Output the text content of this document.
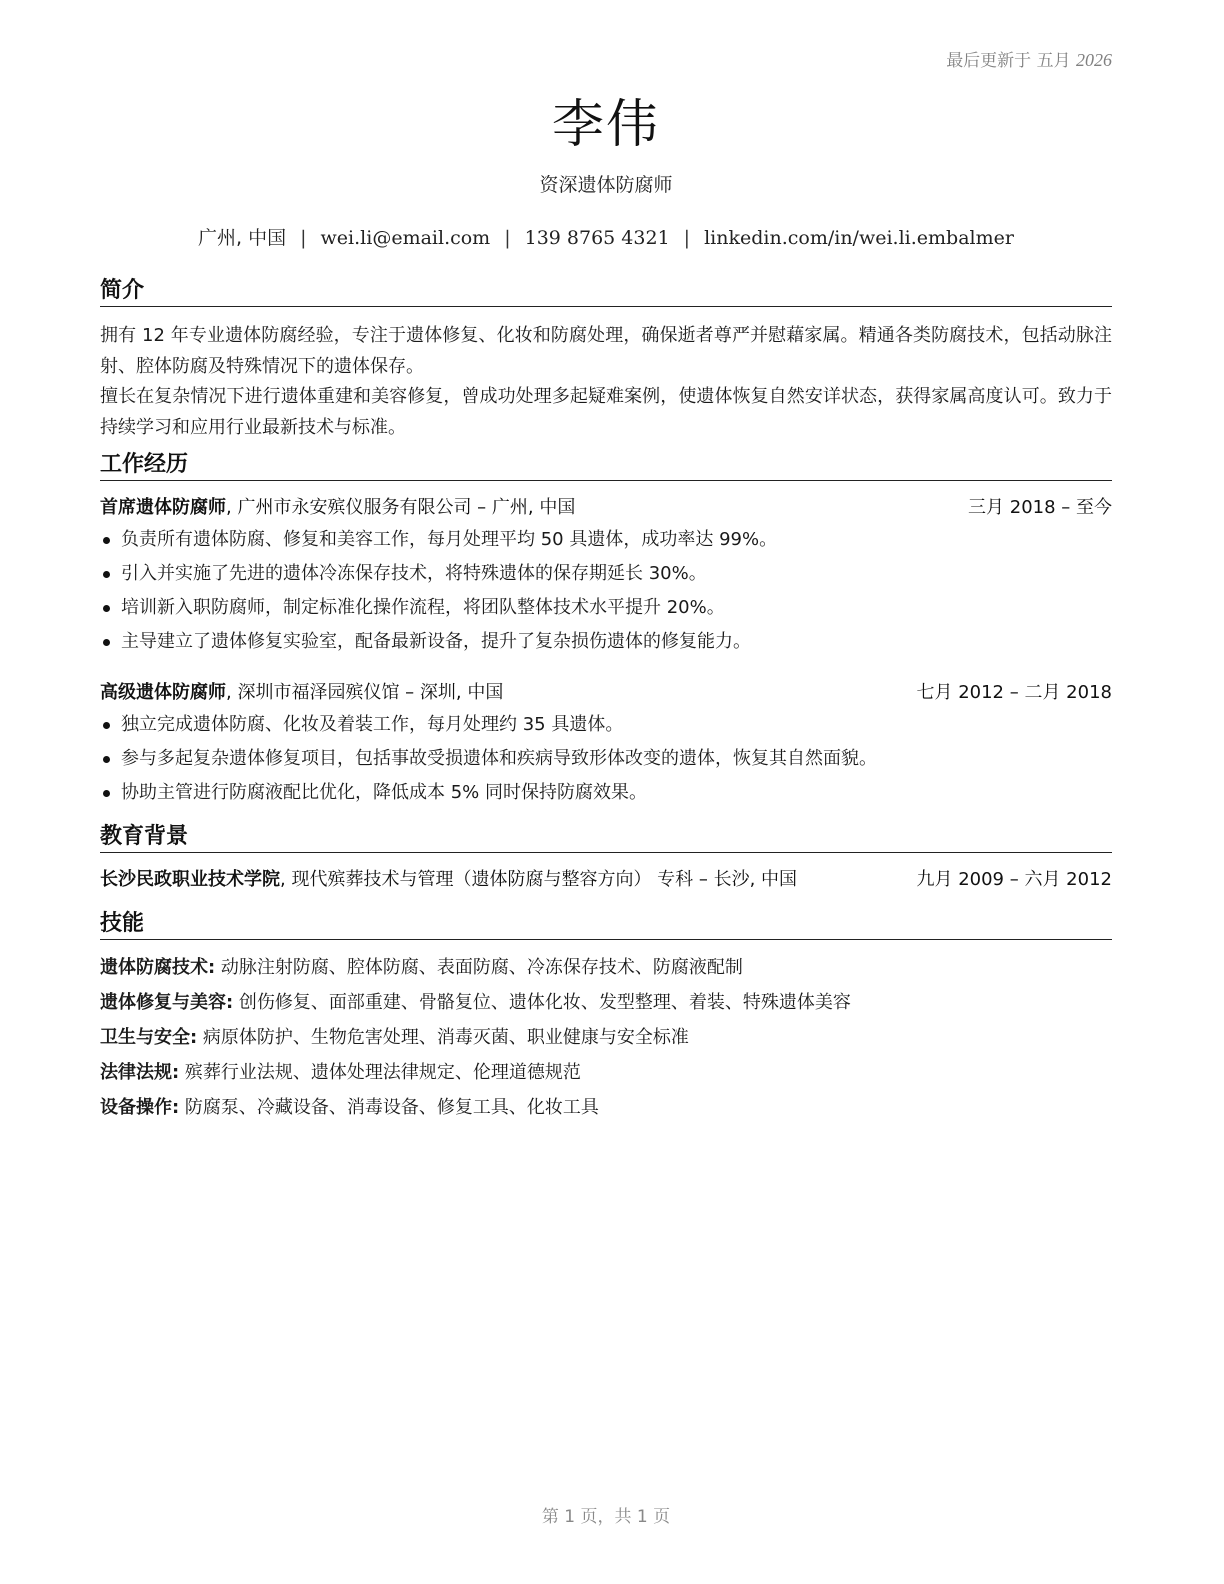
最后更新于 五月 2026
李伟
资深遗体防腐师
广州, 中国 | wei.li@email.com | 139 8765 4321 | linkedin.com/in/wei.li.embalmer
简介
拥有 12 年专业遗体防腐经验，专注于遗体修复、化妆和防腐处理，确保逝者尊严并慰藉家属。精通各类防腐技术，包括动脉注射、腔体防腐及特殊情况下的遗体保存。
擅长在复杂情况下进行遗体重建和美容修复，曾成功处理多起疑难案例，使遗体恢复自然安详状态，获得家属高度认可。致力于持续学习和应用行业最新技术与标准。
工作经历
首席遗体防腐师, 广州市永安殡仪服务有限公司 – 广州, 中国	三月 2018 – 至今
负责所有遗体防腐、修复和美容工作，每月处理平均 50 具遗体，成功率达 99%。
引入并实施了先进的遗体冷冻保存技术，将特殊遗体的保存期延长 30%。
培训新入职防腐师，制定标准化操作流程，将团队整体技术水平提升 20%。
主导建立了遗体修复实验室，配备最新设备，提升了复杂损伤遗体的修复能力。
高级遗体防腐师, 深圳市福泽园殡仪馆 – 深圳, 中国	七月 2012 – 二月 2018
独立完成遗体防腐、化妆及着装工作，每月处理约 35 具遗体。
参与多起复杂遗体修复项目，包括事故受损遗体和疾病导致形体改变的遗体，恢复其自然面貌。
协助主管进行防腐液配比优化，降低成本 5% 同时保持防腐效果。
教育背景
长沙民政职业技术学院, 现代殡葬技术与管理（遗体防腐与整容方向） 专科 – 长沙, 中国	九月 2009 – 六月 2012
技能
遗体防腐技术: 动脉注射防腐、腔体防腐、表面防腐、冷冻保存技术、防腐液配制
遗体修复与美容: 创伤修复、面部重建、骨骼复位、遗体化妆、发型整理、着装、特殊遗体美容
卫生与安全: 病原体防护、生物危害处理、消毒灭菌、职业健康与安全标准
法律法规: 殡葬行业法规、遗体处理法律规定、伦理道德规范
设备操作: 防腐泵、冷藏设备、消毒设备、修复工具、化妆工具
第 1 页，共 1 页
